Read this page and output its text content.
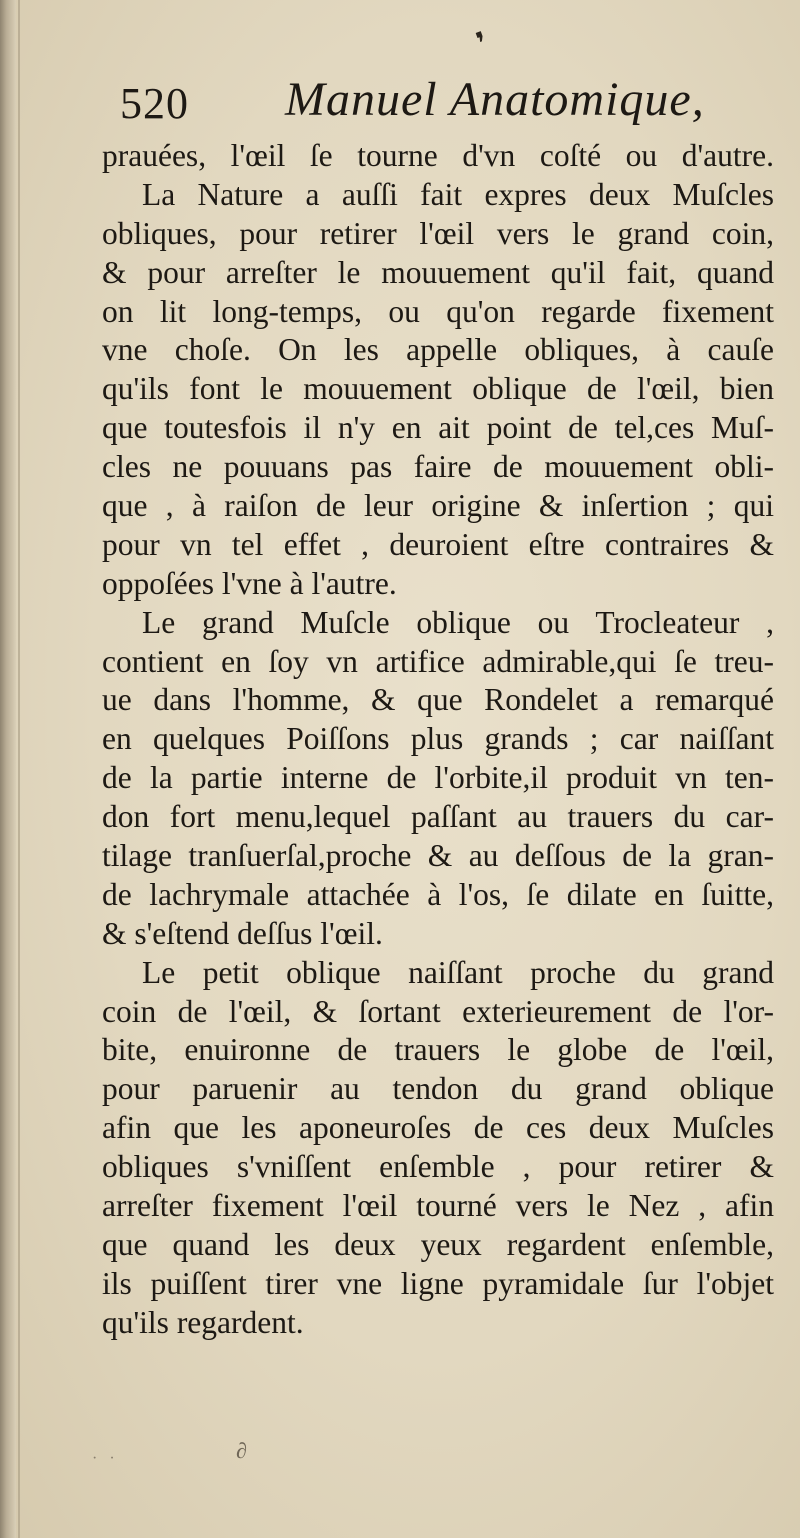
❜
520 Manuel Anatomique,
prauées, l'œil ſe tourne d'vn coſté ou d'autre.
La Nature a auſſi fait expres deux Muſcles
obliques, pour retirer l'œil vers le grand coin,
& pour arreſter le mouuement qu'il fait, quand
on lit long-temps, ou qu'on regarde fixement
vne choſe. On les appelle obliques, à cauſe
qu'ils font le mouuement oblique de l'œil, bien
que toutesfois il n'y en ait point de tel,ces Muſ-
cles ne pouuans pas faire de mouuement obli-
que , à raiſon de leur origine & inſertion ; qui
pour vn tel effet , deuroient eſtre contraires &
oppoſées l'vne à l'autre.
Le grand Muſcle oblique ou Trocleateur ,
contient en ſoy vn artifice admirable,qui ſe treu-
ue dans l'homme, & que Rondelet a remarqué
en quelques Poiſſons plus grands ; car naiſſant
de la partie interne de l'orbite,il produit vn ten-
don fort menu,lequel paſſant au trauers du car-
tilage tranſuerſal,proche & au deſſous de la gran-
de lachrymale attachée à l'os, ſe dilate en ſuitte,
& s'eſtend deſſus l'œil.
Le petit oblique naiſſant proche du grand
coin de l'œil, & ſortant exterieurement de l'or-
bite, enuironne de trauers le globe de l'œil,
pour paruenir au tendon du grand oblique
afin que les aponeuroſes de ces deux Muſcles
obliques s'vniſſent enſemble , pour retirer &
arreſter fixement l'œil tourné vers le Nez , afin
que quand les deux yeux regardent enſemble,
ils puiſſent tirer vne ligne pyramidale ſur l'objet
qu'ils regardent.
· ·	∂
